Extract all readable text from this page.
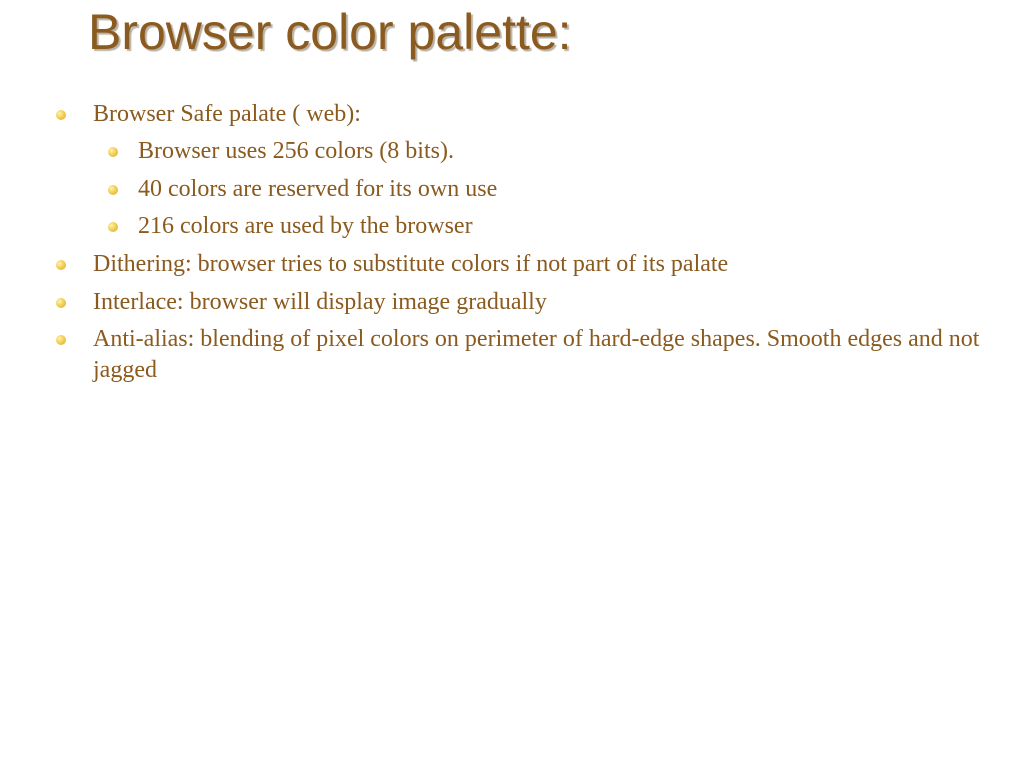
Browser color palette:
Browser Safe palate ( web):
Browser uses 256 colors (8 bits).
40 colors are reserved for its own use
216 colors are used by the browser
Dithering: browser tries to substitute colors if not part of its palate
Interlace: browser will display image gradually
Anti-alias: blending of pixel colors on perimeter of hard-edge shapes. Smooth edges and not jagged
